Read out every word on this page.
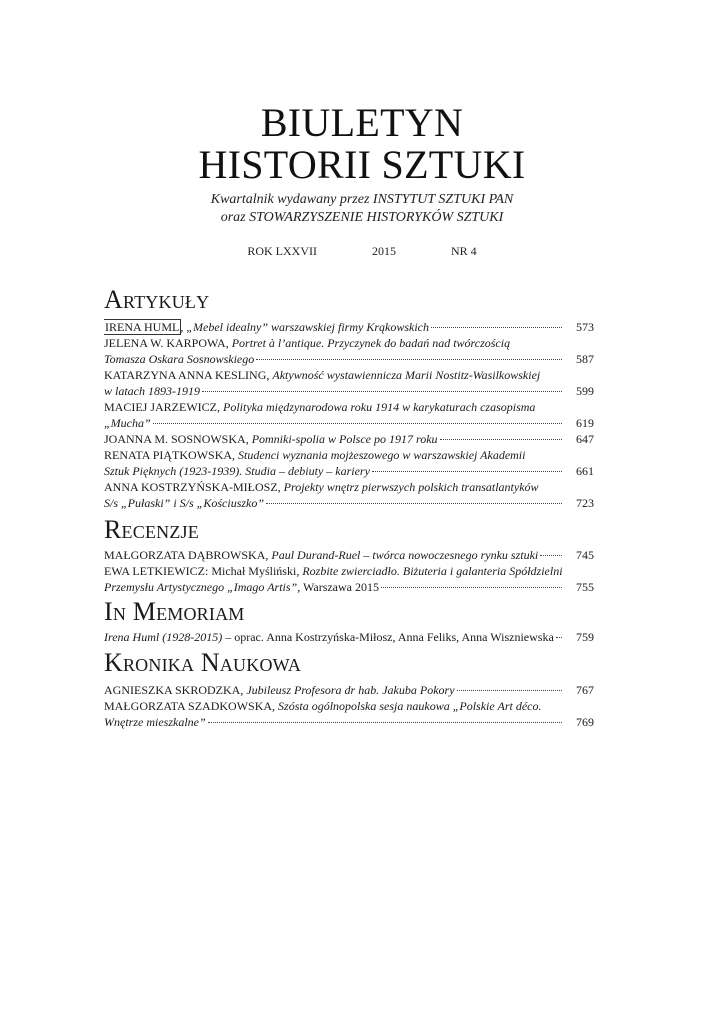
BIULETYN
HISTORII SZTUKI
Kwartalnik wydawany przez INSTYTUT SZTUKI PAN
oraz STOWARZYSZENIE HISTORYKÓW SZTUKI
ROK LXXVII	2015	NR 4
Artykuły
IRENA HUML, „Mebel idealny” warszawskiej firmy Krąkowskich	573
JELENA W. KARPOWA, Portret à l’antique. Przyczynek do badań nad twórczością
Tomasza Oskara Sosnowskiego	587
KATARZYNA ANNA KESLING, Aktywność wystawiennicza Marii Nostitz-Wasilkowskiej
w latach 1893-1919	599
MACIEJ JARZEWICZ, Polityka międzynarodowa roku 1914 w karykaturach czasopisma
„Mucha”	619
JOANNA M. SOSNOWSKA, Pomniki-spolia w Polsce po 1917 roku	647
RENATA PIĄTKOWSKA, Studenci wyznania mojżeszowego w warszawskiej Akademii
Sztuk Pięknych (1923-1939). Studia – debiuty – kariery	661
ANNA KOSTRZYŃSKA-MIŁOSZ, Projekty wnętrz pierwszych polskich transatlantyków
S/s „Pułaski” i S/s „Kościuszko”	723
Recenzje
MAŁGORZATA DĄBROWSKA, Paul Durand-Ruel – twórca nowoczesnego rynku sztuki	745
EWA LETKIEWICZ: Michał Myśliński, Rozbite zwierciadło. Biżuteria i galanteria Spółdzielni
Przemysłu Artystycznego „Imago Artis”, Warszawa 2015	755
In Memoriam
Irena Huml (1928-2015) – oprac. Anna Kostrzyńska-Miłosz, Anna Feliks, Anna Wiszniewska	759
Kronika Naukowa
AGNIESZKA SKRODZKA, Jubileusz Profesora dr hab. Jakuba Pokory	767
MAŁGORZATA SZADKOWSKA, Szósta ogólnopolska sesja naukowa „Polskie Art déco.
Wnętrze mieszkalne”	769
